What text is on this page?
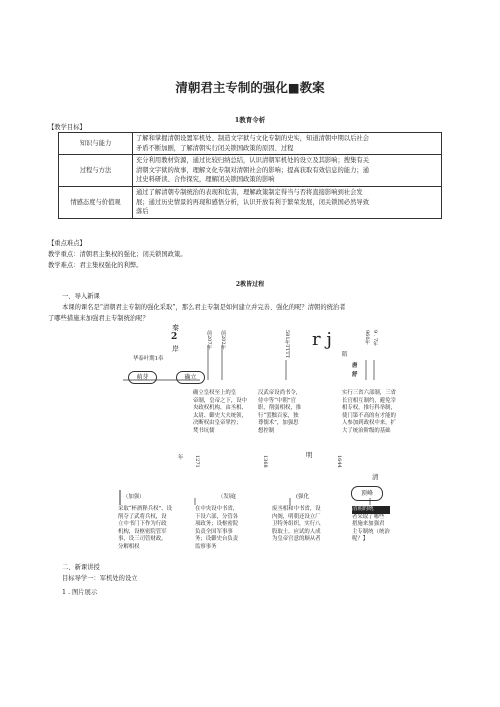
清朝君主专制的强化■教案
1教育令析
【教学目标】
知识与能力	了解和掌握清朝设置军机处、制造文字狱与文化专制的史实，知道清朝中期以后社会
矛盾不断加剧，了解清朝实行闭关锁国政策的原因、过程

过程与方法	充分利用教材资源，通过比较归纳总结，认识清朝军机处的设立及其影响；搜集有关
清朝文字狱的故事，理解文化专制对清朝社会的影响；提高获取有效信息的能力；通
过史料研读、合作探究，理解闭关锁国政策的影响

情感态度与价值观	通过了解清朝专制统治的表现和危害，理解政策制定得当与否将直接影响到社会发
展；通过历史情景的再现和感悟分析，认识开放有利于繁荣发展，闭关锁国必然导致
落后
【重点难点】
教学重点：清朝君主集权的强化；闭关锁国政策。
教学难点：君主集权强化的利弊。
2教皆过程
一、导入新课
本课的课名是“清朝君主专制的强化采取”，那么君主专制是如何建立并完善、强化的呢？清朝的统治者
了哪些措施来加强君主专制统治呢？
秦
2
岸
华泰叶期1奉
前207年 前202年	581年TTTT r j
隋
唐
舒
960年 9 . 7年
萌芽	确立
确立皇权至上的皇
帝制，皇帝之下，设中
央政权机构，由丞相、
太尉、御史大夫统领，
决断权由皇帝掌控；
焚书坑儒
汉武帝设尚书令，
侍中等“中朝”官
职，削弱相权，推
行“罢黜百家，独
尊儒术”，加强思
想控制
实行三省六部制，三省
长官相互制约，避免宰
相专权，推行科举制，
使门第不高的有才能的
人参加到政权中来，扩
大了统治阶级的基础
年 1271	1368	明	1644
清
（加强）	（发展[	(强化	顶峰
采取“杯酒释兵权”、设
削夺了武将兵权，设
立中书门下作为行政
机构，设枢密院管军
事，设三司管财政，
分解相权
在中央设中书省，
下设六部，分管各
项政务；设枢密院
负责全国军事事
务；设御史台负责
监察事务
废丞相和中书省，设
内阁，明朝还设立厂
卫特务组织，实行八
股取士，应试的人成
为皇帝官意的顺从者
清朝的统
者采取了哪些
措施来加强君
主专制统（统治
呢？】
二、新课讲授
目标导学一：军机处的设立
1 . 图片展示
